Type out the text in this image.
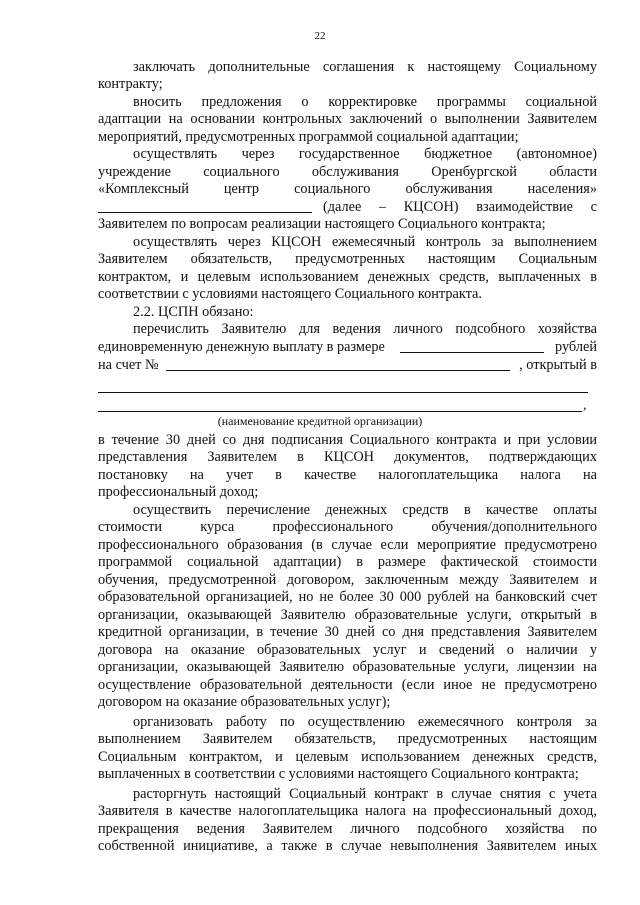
22
заключать дополнительные соглашения к настоящему Социальному
контракту;
вносить предложения о корректировке программы социальной
адаптации на основании контрольных заключений о выполнении Заявителем
мероприятий, предусмотренных программой социальной адаптации;
осуществлять через государственное бюджетное (автономное)
учреждение социального обслуживания Оренбургской области
«Комплексный центр социального обслуживания населения»
(далее – КЦСОН) взаимодействие с
Заявителем по вопросам реализации настоящего Социального контракта;
осуществлять через КЦСОН ежемесячный контроль за выполнением
Заявителем обязательств, предусмотренных настоящим Социальным
контрактом, и целевым использованием денежных средств, выплаченных в
соответствии с условиями настоящего Социального контракта.
2.2. ЦСПН обязано:
перечислить Заявителю для ведения личного подсобного хозяйства
единовременную денежную выплату в размере	рублей
на счет №	, открытый в
,
(наименование кредитной организации)
в течение 30 дней со дня подписания Социального контракта и при условии
представления Заявителем в КЦСОН документов, подтверждающих
постановку на учет в качестве налогоплательщика налога на
профессиональный доход;
осуществить перечисление денежных средств в качестве оплаты
стоимости курса профессионального обучения/дополнительного
профессионального образования (в случае если мероприятие предусмотрено
программой социальной адаптации) в размере фактической стоимости
обучения, предусмотренной договором, заключенным между Заявителем и
образовательной организацией, но не более 30 000 рублей на банковский счет
организации, оказывающей Заявителю образовательные услуги, открытый в
кредитной организации, в течение 30 дней со дня представления Заявителем
договора на оказание образовательных услуг и сведений о наличии у
организации, оказывающей Заявителю образовательные услуги, лицензии на
осуществление образовательной деятельности (если иное не предусмотрено
договором на оказание образовательных услуг);
организовать работу по осуществлению ежемесячного контроля за
выполнением Заявителем обязательств, предусмотренных настоящим
Социальным контрактом, и целевым использованием денежных средств,
выплаченных в соответствии с условиями настоящего Социального контракта;
расторгнуть настоящий Социальный контракт в случае снятия с учета
Заявителя в качестве налогоплательщика налога на профессиональный доход,
прекращения ведения Заявителем личного подсобного хозяйства по
собственной инициативе, а также в случае невыполнения Заявителем иных
